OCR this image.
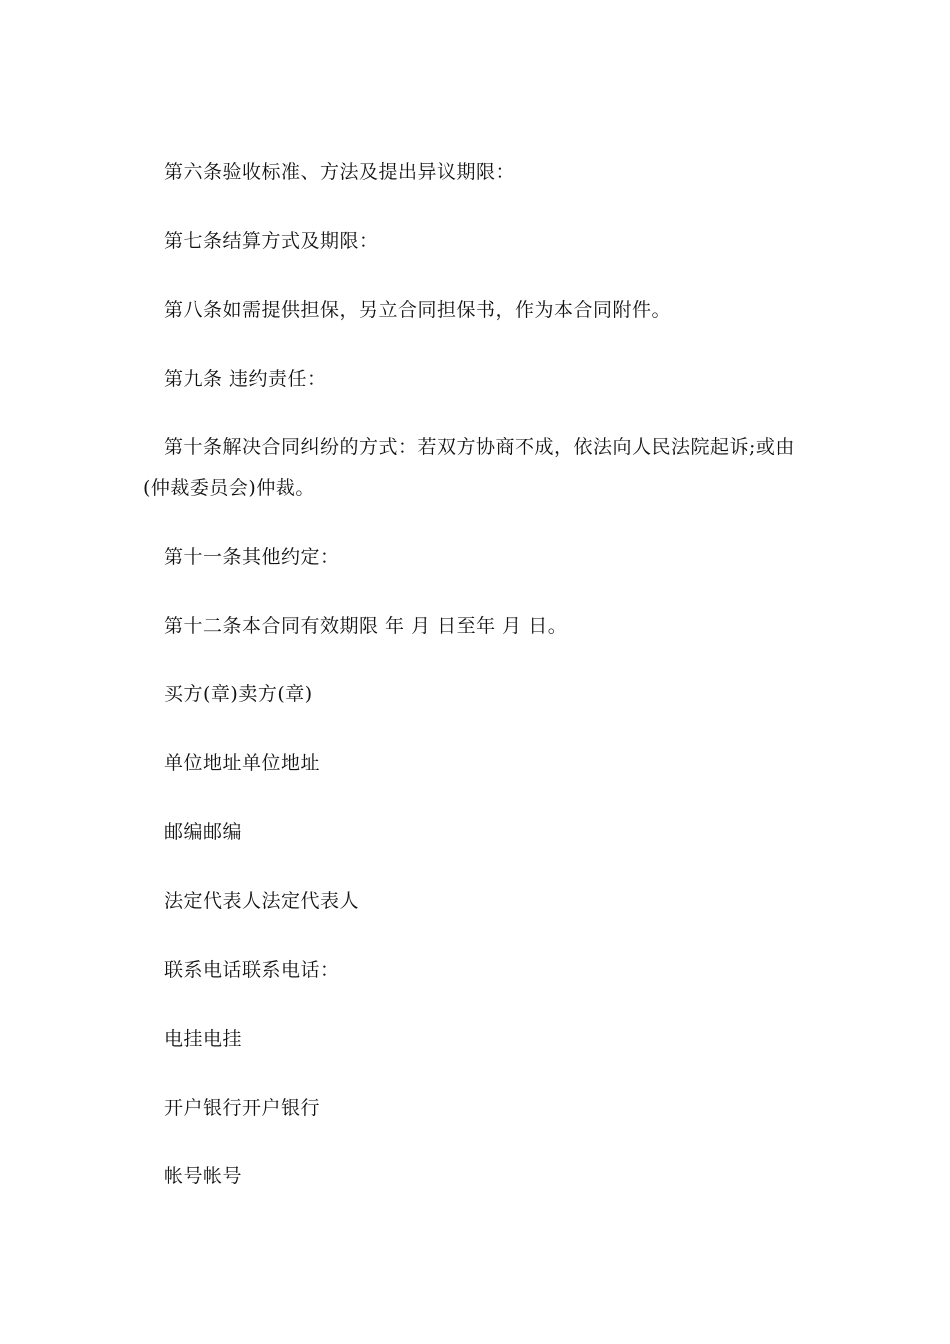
第六条验收标准、方法及提出异议期限：

第七条结算方式及期限：

第八条如需提供担保，另立合同担保书，作为本合同附件。

第九条 违约责任：

第十条解决合同纠纷的方式：若双方协商不成，依法向人民法院起诉;或由(仲裁委员会)仲裁。

第十一条其他约定：

第十二条本合同有效期限 年 月 日至年 月 日。

买方(章)卖方(章)

单位地址单位地址

邮编邮编

法定代表人法定代表人

联系电话联系电话：

电挂电挂

开户银行开户银行

帐号帐号
